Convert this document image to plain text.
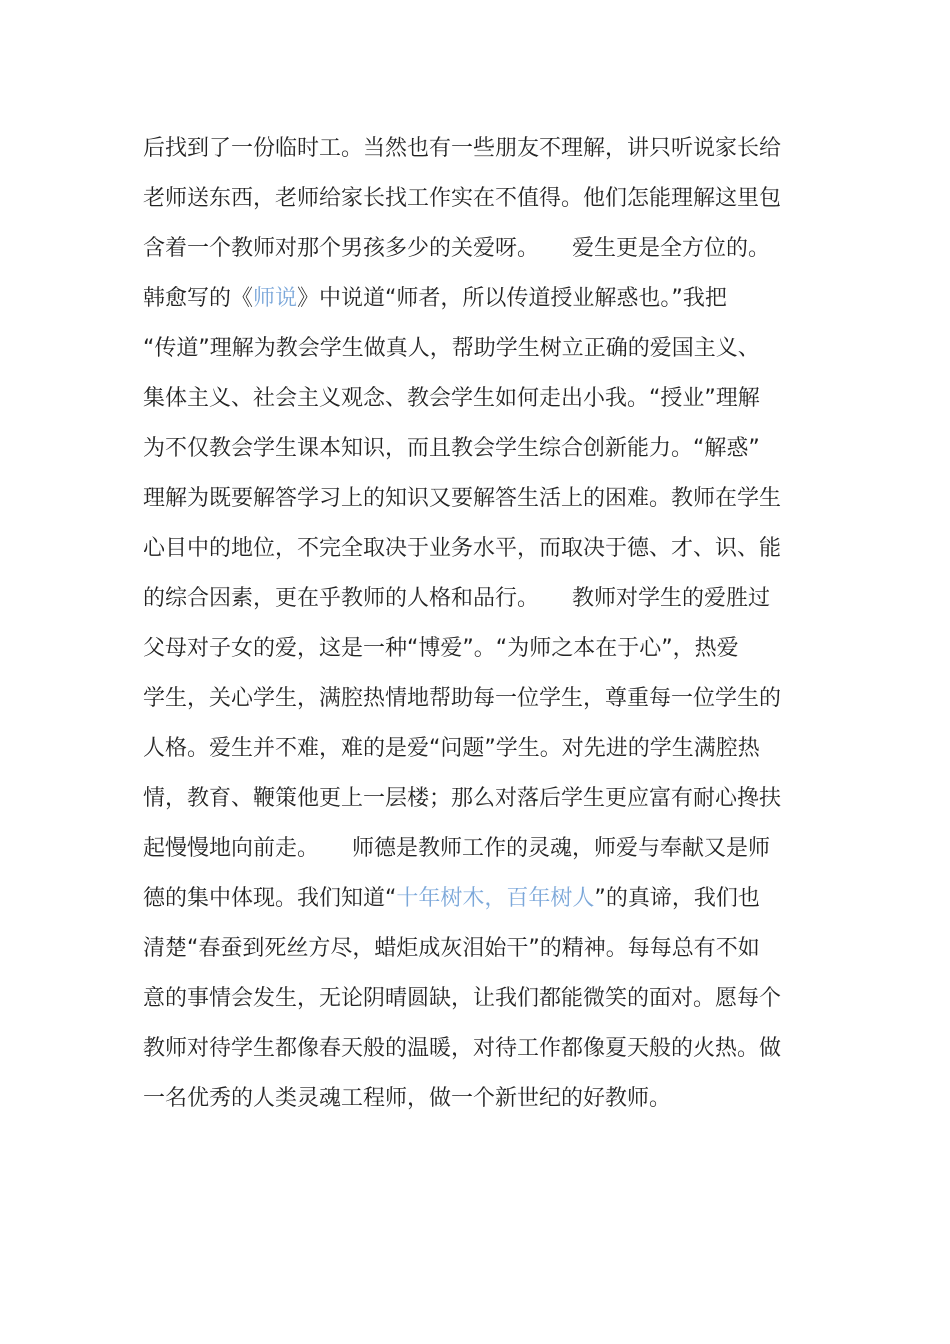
后找到了一份临时工。当然也有一些朋友不理解，讲只听说家长给
老师送东西，老师给家长找工作实在不值得。他们怎能理解这里包
含着一个教师对那个男孩多少的关爱呀。　　爱生更是全方位的。
韩愈写的《师说》中说道“师者，所以传道授业解惑也。”我把
“传道”理解为教会学生做真人，帮助学生树立正确的爱国主义、
集体主义、社会主义观念、教会学生如何走出小我。“授业”理解
为不仅教会学生课本知识，而且教会学生综合创新能力。“解惑”
理解为既要解答学习上的知识又要解答生活上的困难。教师在学生
心目中的地位，不完全取决于业务水平，而取决于德、才、识、能
的综合因素，更在乎教师的人格和品行。　　教师对学生的爱胜过
父母对子女的爱，这是一种“博爱”。“为师之本在于心”，热爱
学生，关心学生，满腔热情地帮助每一位学生，尊重每一位学生的
人格。爱生并不难，难的是爱“问题”学生。对先进的学生满腔热
情，教育、鞭策他更上一层楼；那么对落后学生更应富有耐心搀扶
起慢慢地向前走。　　师德是教师工作的灵魂，师爱与奉献又是师
德的集中体现。我们知道“十年树木，百年树人”的真谛，我们也
清楚“春蚕到死丝方尽，蜡炬成灰泪始干”的精神。每每总有不如
意的事情会发生，无论阴晴圆缺，让我们都能微笑的面对。愿每个
教师对待学生都像春天般的温暖，对待工作都像夏天般的火热。做
一名优秀的人类灵魂工程师，做一个新世纪的好教师。
